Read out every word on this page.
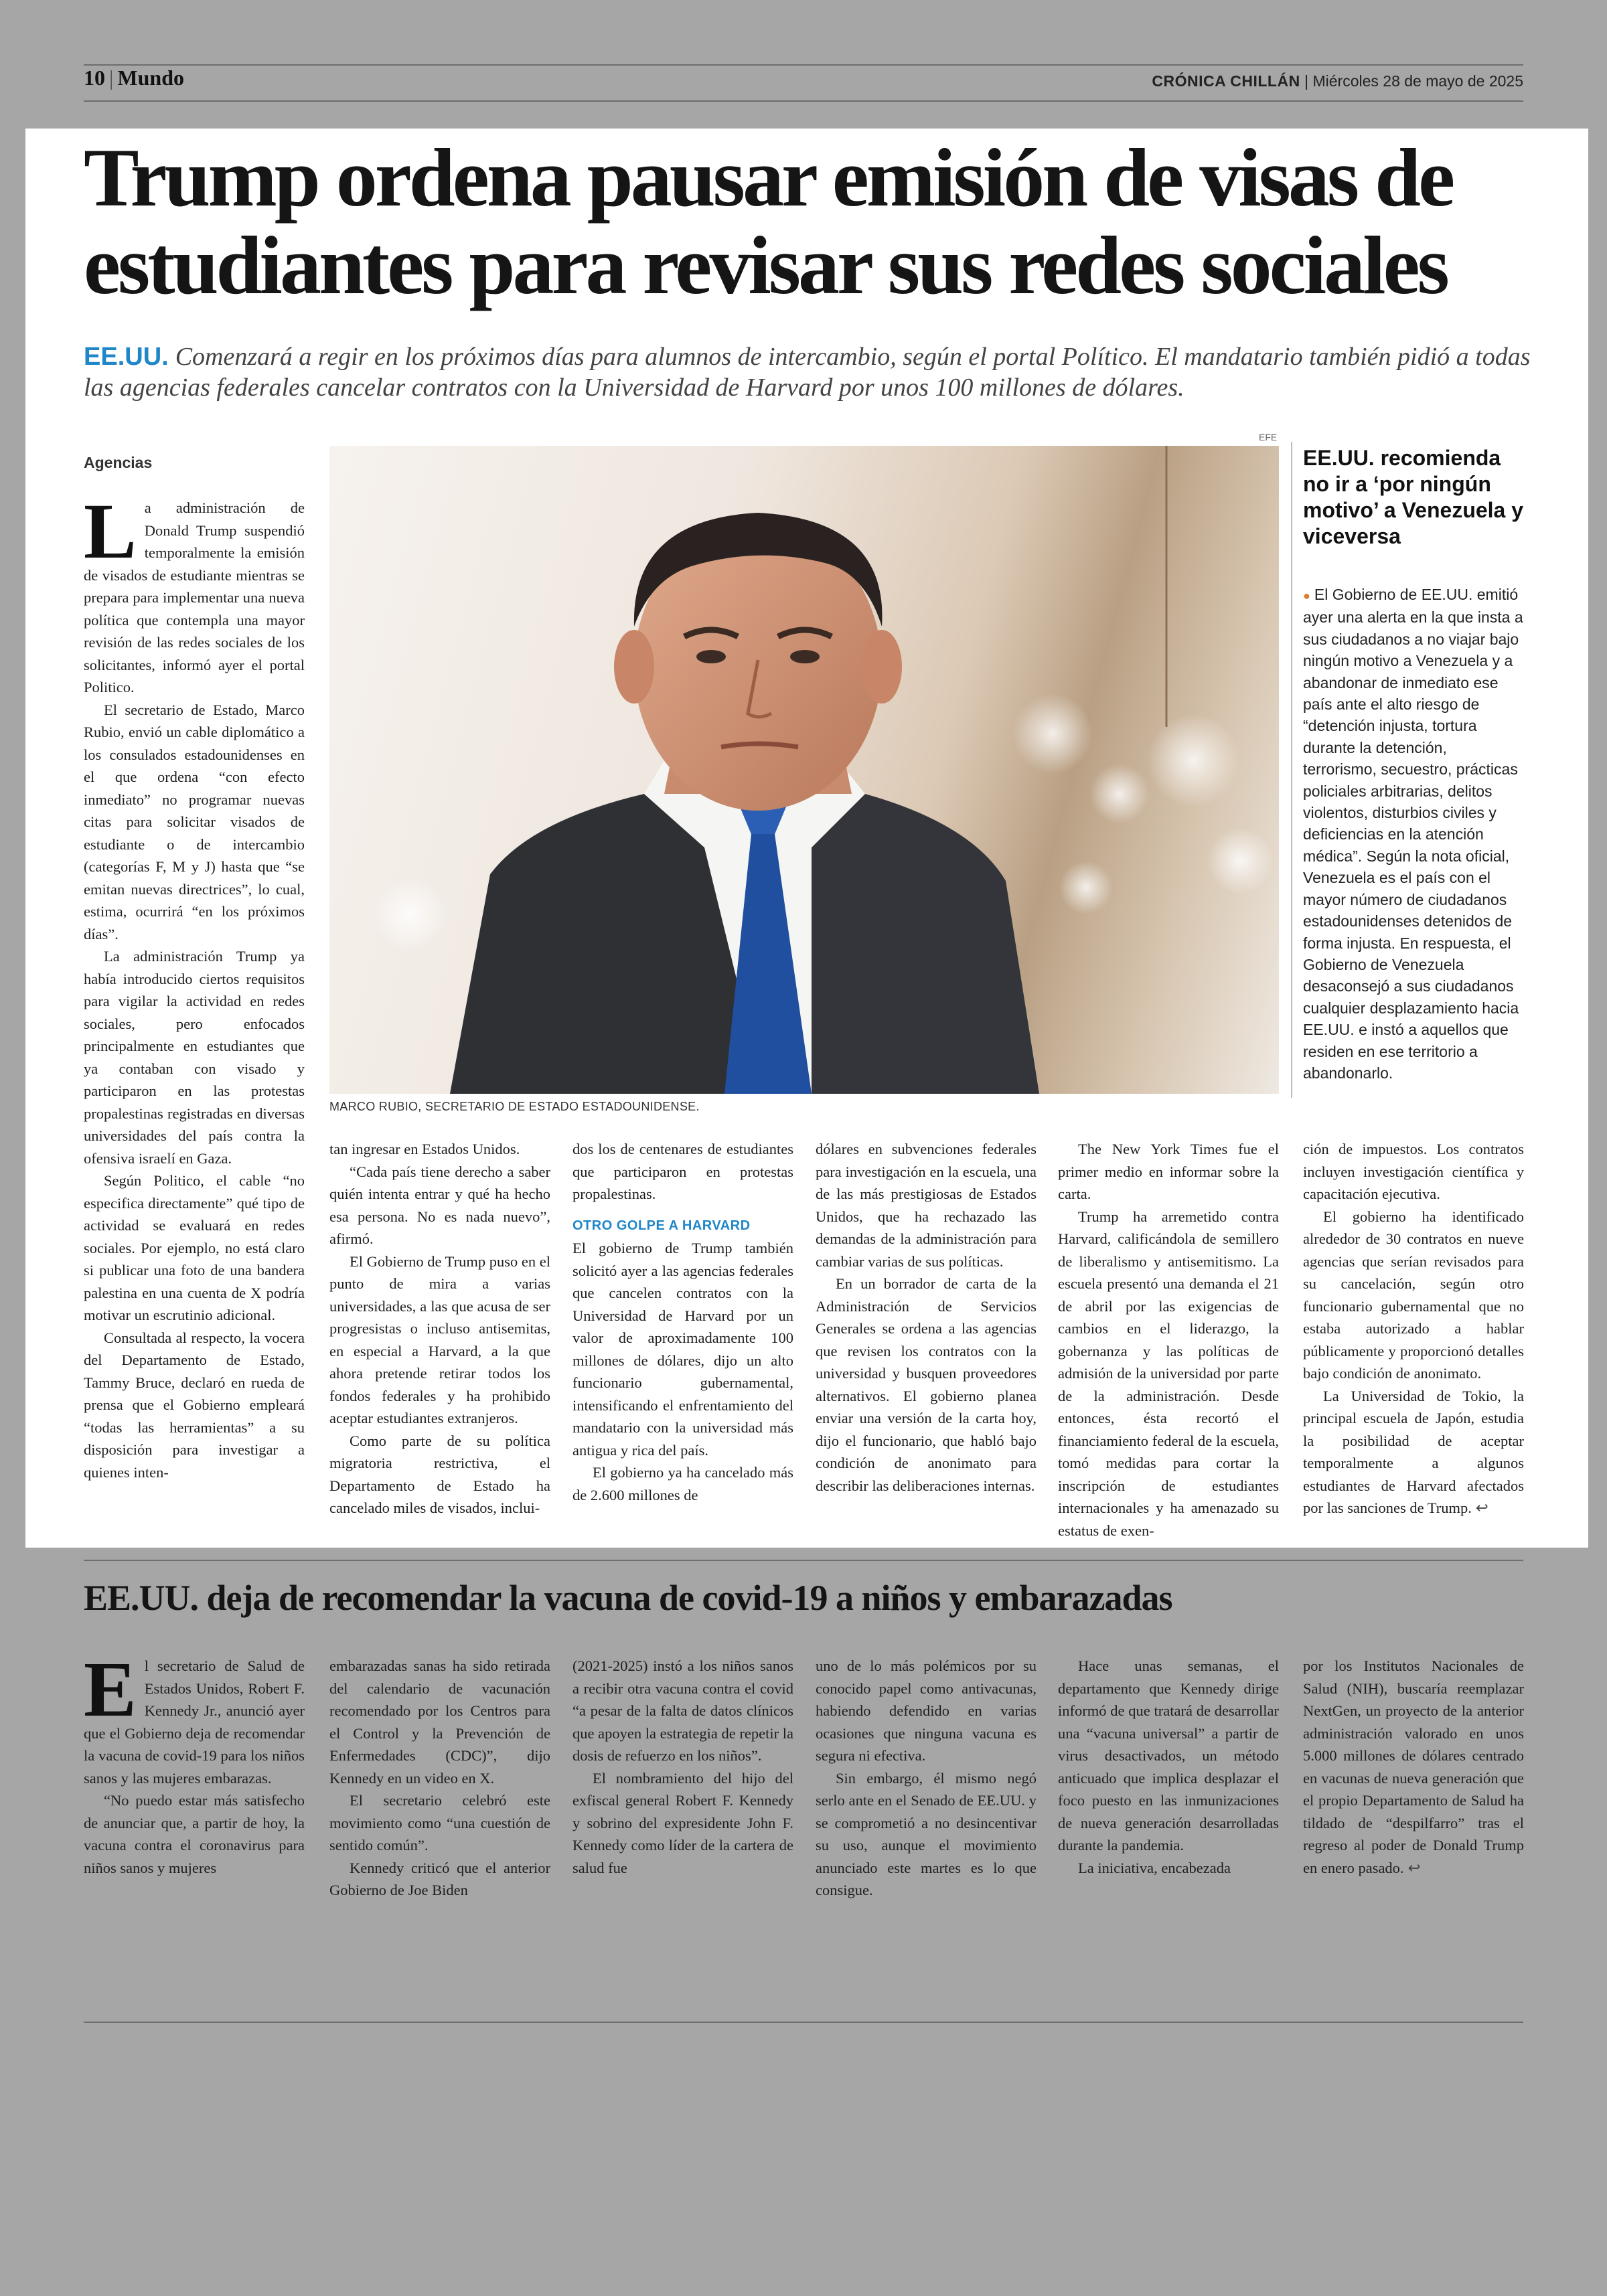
10 | Mundo	CRÓNICA CHILLÁN | Miércoles 28 de mayo de 2025
Trump ordena pausar emisión de visas de estudiantes para revisar sus redes sociales
EE.UU. Comenzará a regir en los próximos días para alumnos de intercambio, según el portal Político. El mandatario también pidió a todas las agencias federales cancelar contratos con la Universidad de Harvard por unos 100 millones de dólares.
Agencias

La administración de Donald Trump suspendió temporalmente la emisión de visados de estudiante mientras se prepara para implementar una nueva política que contempla una mayor revisión de las redes sociales de los solicitantes, informó ayer el portal Politico.

El secretario de Estado, Marco Rubio, envió un cable diplomático a los consulados estadounidenses en el que ordena “con efecto inmediato” no programar nuevas citas para solicitar visados de estudiante o de intercambio (categorías F, M y J) hasta que “se emitan nuevas directrices”, lo cual, estima, ocurrirá “en los próximos días”.

La administración Trump ya había introducido ciertos requisitos para vigilar la actividad en redes sociales, pero enfocados principalmente en estudiantes que ya contaban con visado y participaron en las protestas propalestinas registradas en diversas universidades del país contra la ofensiva israelí en Gaza.

Según Politico, el cable “no especifica directamente” qué tipo de actividad se evaluará en redes sociales. Por ejemplo, no está claro si publicar una foto de una bandera palestina en una cuenta de X podría motivar un escrutinio adicional.

Consultada al respecto, la vocera del Departamento de Estado, Tammy Bruce, declaró en rueda de prensa que el Gobierno empleará “todas las herramientas” a su disposición para investigar a quienes inten-

EFE
MARCO RUBIO, SECRETARIO DE ESTADO ESTADOUNIDENSE.
EE.UU. recomienda no ir a ‘por ningún motivo’ a Venezuela y viceversa
● El Gobierno de EE.UU. emitió ayer una alerta en la que insta a sus ciudadanos a no viajar bajo ningún motivo a Venezuela y a abandonar de inmediato ese país ante el alto riesgo de “detención injusta, tortura durante la detención, terrorismo, secuestro, prácticas policiales arbitrarias, delitos violentos, disturbios civiles y deficiencias en la atención médica”. Según la nota oficial, Venezuela es el país con el mayor número de ciudadanos estadounidenses detenidos de forma injusta. En respuesta, el Gobierno de Venezuela desaconsejó a sus ciudadanos cualquier desplazamiento hacia EE.UU. e instó a aquellos que residen en ese territorio a abandonarlo.

tan ingresar en Estados Unidos.

“Cada país tiene derecho a saber quién intenta entrar y qué ha hecho esa persona. No es nada nuevo”, afirmó.

El Gobierno de Trump puso en el punto de mira a varias universidades, a las que acusa de ser progresistas o incluso antisemitas, en especial a Harvard, a la que ahora pretende retirar todos los fondos federales y ha prohibido aceptar estudiantes extranjeros.

Como parte de su política migratoria restrictiva, el Departamento de Estado ha cancelado miles de visados, inclui-

dos los de centenares de estudiantes que participaron en protestas propalestinas.

OTRO GOLPE A HARVARD

El gobierno de Trump también solicitó ayer a las agencias federales que cancelen contratos con la Universidad de Harvard por un valor de aproximadamente 100 millones de dólares, dijo un alto funcionario gubernamental, intensificando el enfrentamiento del mandatario con la universidad más antigua y rica del país.

El gobierno ya ha cancelado más de 2.600 millones de

dólares en subvenciones federales para investigación en la escuela, una de las más prestigiosas de Estados Unidos, que ha rechazado las demandas de la administración para cambiar varias de sus políticas.

En un borrador de carta de la Administración de Servicios Generales se ordena a las agencias que revisen los contratos con la universidad y busquen proveedores alternativos. El gobierno planea enviar una versión de la carta hoy, dijo el funcionario, que habló bajo condición de anonimato para describir las deliberaciones internas.

The New York Times fue el primer medio en informar sobre la carta.

Trump ha arremetido contra Harvard, calificándola de semillero de liberalismo y antisemitismo. La escuela presentó una demanda el 21 de abril por las exigencias de cambios en el liderazgo, la gobernanza y las políticas de admisión de la universidad por parte de la administración. Desde entonces, ésta recortó el financiamiento federal de la escuela, tomó medidas para cortar la inscripción de estudiantes internacionales y ha amenazado su estatus de exen-

ción de impuestos. Los contratos incluyen investigación científica y capacitación ejecutiva.

El gobierno ha identificado alrededor de 30 contratos en nueve agencias que serían revisados para su cancelación, según otro funcionario gubernamental que no estaba autorizado a hablar públicamente y proporcionó detalles bajo condición de anonimato.

La Universidad de Tokio, la principal escuela de Japón, estudia la posibilidad de aceptar temporalmente a algunos estudiantes de Harvard afectados por las sanciones de Trump. ↩

EE.UU. deja de recomendar la vacuna de covid-19 a niños y embarazadas

El secretario de Salud de Estados Unidos, Robert F. Kennedy Jr., anunció ayer que el Gobierno deja de recomendar la vacuna de covid-19 para los niños sanos y las mujeres embarazas.

“No puedo estar más satisfecho de anunciar que, a partir de hoy, la vacuna contra el coronavirus para niños sanos y mujeres

embarazadas sanas ha sido retirada del calendario de vacunación recomendado por los Centros para el Control y la Prevención de Enfermedades (CDC)”, dijo Kennedy en un video en X.

El secretario celebró este movimiento como “una cuestión de sentido común”.

Kennedy criticó que el anterior Gobierno de Joe Biden

(2021-2025) instó a los niños sanos a recibir otra vacuna contra el covid “a pesar de la falta de datos clínicos que apoyen la estrategia de repetir la dosis de refuerzo en los niños”.

El nombramiento del hijo del exfiscal general Robert F. Kennedy y sobrino del expresidente John F. Kennedy como líder de la cartera de salud fue

uno de lo más polémicos por su conocido papel como antivacunas, habiendo defendido en varias ocasiones que ninguna vacuna es segura ni efectiva.

Sin embargo, él mismo negó serlo ante en el Senado de EE.UU. y se comprometió a no desincentivar su uso, aunque el movimiento anunciado este martes es lo que consigue.

Hace unas semanas, el departamento que Kennedy dirige informó de que tratará de desarrollar una “vacuna universal” a partir de virus desactivados, un método anticuado que implica desplazar el foco puesto en las inmunizaciones de nueva generación desarrolladas durante la pandemia.

La iniciativa, encabezada

por los Institutos Nacionales de Salud (NIH), buscaría reemplazar NextGen, un proyecto de la anterior administración valorado en unos 5.000 millones de dólares centrado en vacunas de nueva generación que el propio Departamento de Salud ha tildado de “despilfarro” tras el regreso al poder de Donald Trump en enero pasado. ↩
